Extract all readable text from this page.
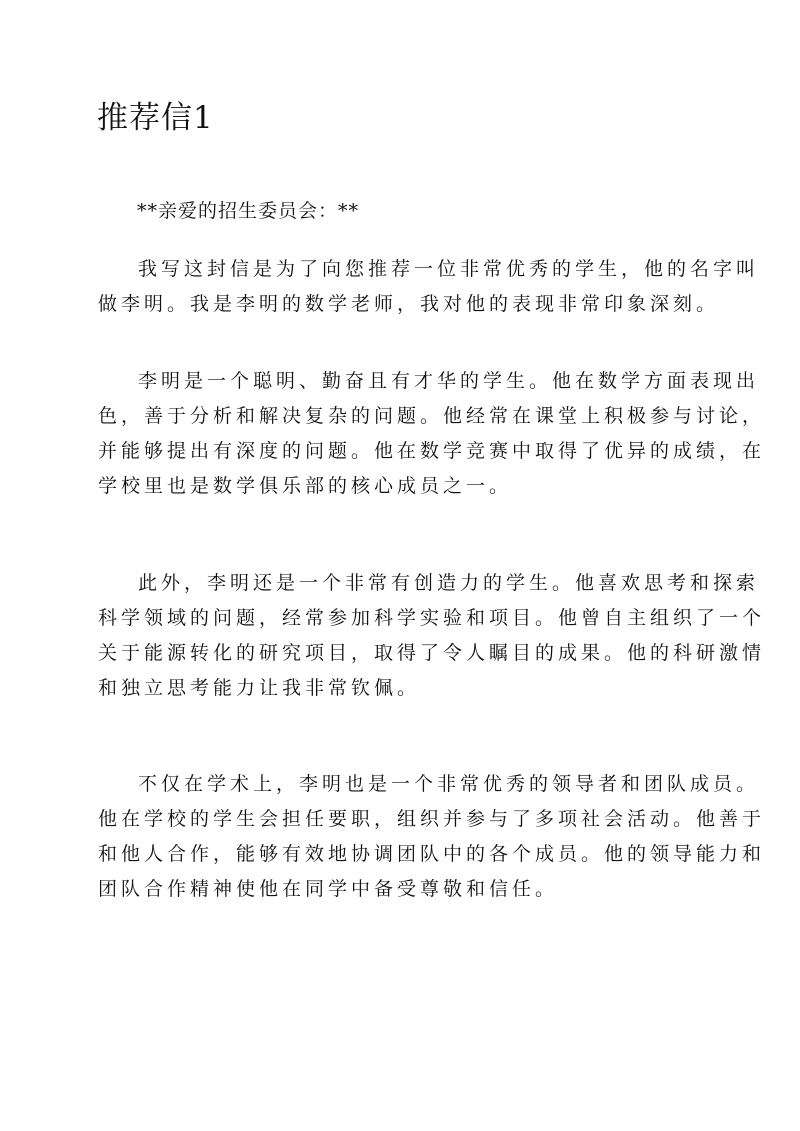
推荐信1

**亲爱的招生委员会：**

我写这封信是为了向您推荐一位非常优秀的学生，他的名字叫
做李明。我是李明的数学老师，我对他的表现非常印象深刻。
李明是一个聪明、勤奋且有才华的学生。他在数学方面表现出
色，善于分析和解决复杂的问题。他经常在课堂上积极参与讨论，
并能够提出有深度的问题。他在数学竞赛中取得了优异的成绩，在
学校里也是数学俱乐部的核心成员之一。
此外，李明还是一个非常有创造力的学生。他喜欢思考和探索
科学领域的问题，经常参加科学实验和项目。他曾自主组织了一个
关于能源转化的研究项目，取得了令人瞩目的成果。他的科研激情
和独立思考能力让我非常钦佩。
不仅在学术上，李明也是一个非常优秀的领导者和团队成员。
他在学校的学生会担任要职，组织并参与了多项社会活动。他善于
和他人合作，能够有效地协调团队中的各个成员。他的领导能力和
团队合作精神使他在同学中备受尊敬和信任。
